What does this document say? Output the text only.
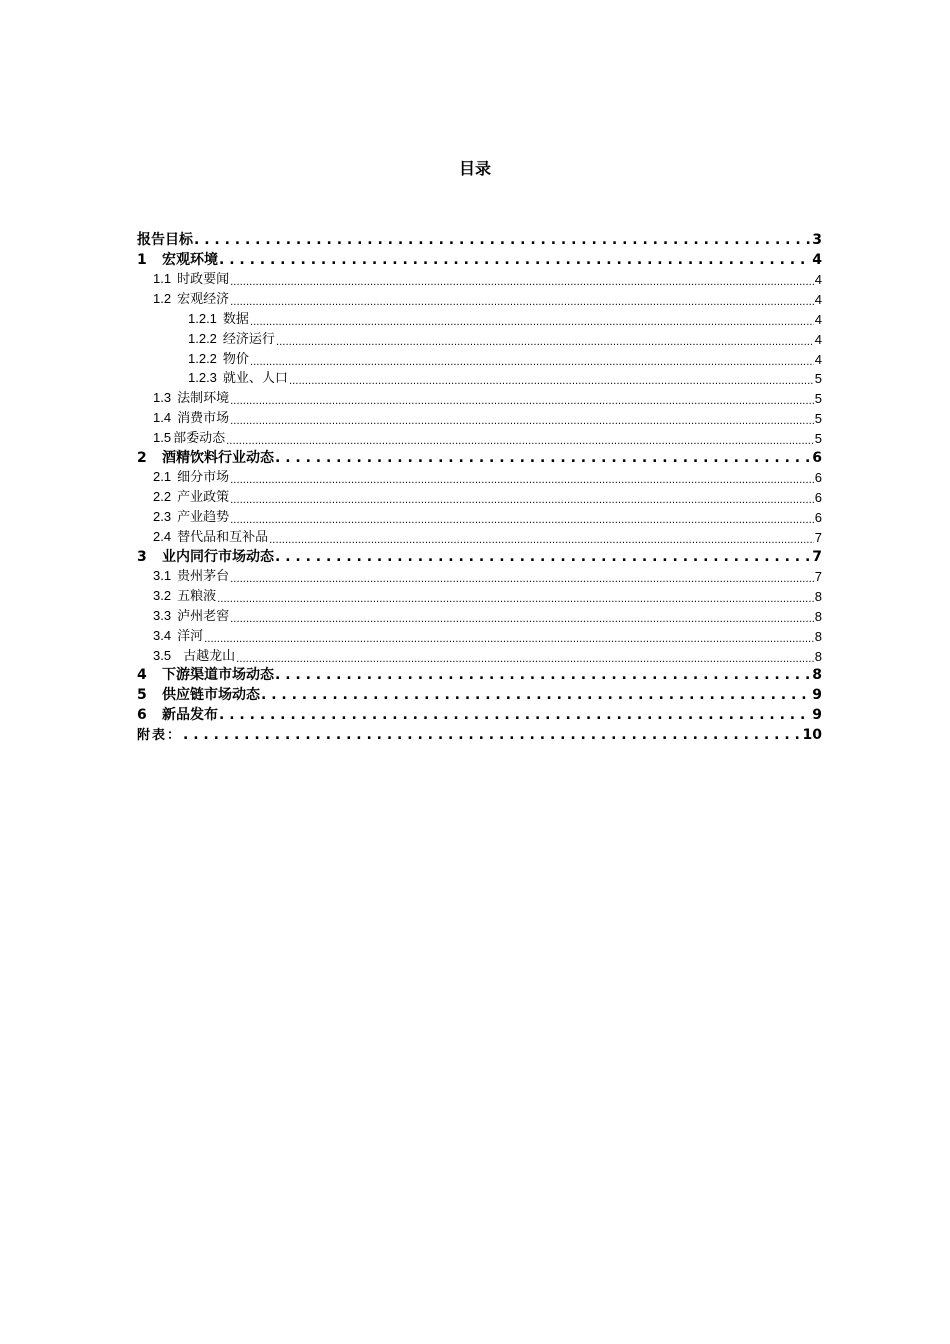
目录
报告目标 . . .	3
1 宏观环境 . . .	4
1.1 时政要闻 .....	4
1.2 宏观经济 .....	4
1.2.1 数据 .....	4
1.2.2 经济运行 .....	4
1.2.2 物价 .....	4
1.2.3 就业、人口 .....	5
1.3 法制环境 .....	5
1.4 消费市场 .....	5
1.5 部委动态 .....	5
2 酒精饮料行业动态 . . .	6
2.1 细分市场 .....	6
2.2 产业政策 .....	6
2.3 产业趋势 .....	6
2.4 替代品和互补品 .....	7
3 业内同行市场动态 . . .	7
3.1 贵州茅台 .....	7
3.2 五粮液 .....	8
3.3 泸州老窖 .....	8
3.4 洋河 .....	8
3.5 古越龙山 .....	8
4 下游渠道市场动态 . . .	8
5 供应链市场动态 . . .	9
6 新品发布 . . .	9
附表： . . .	10
